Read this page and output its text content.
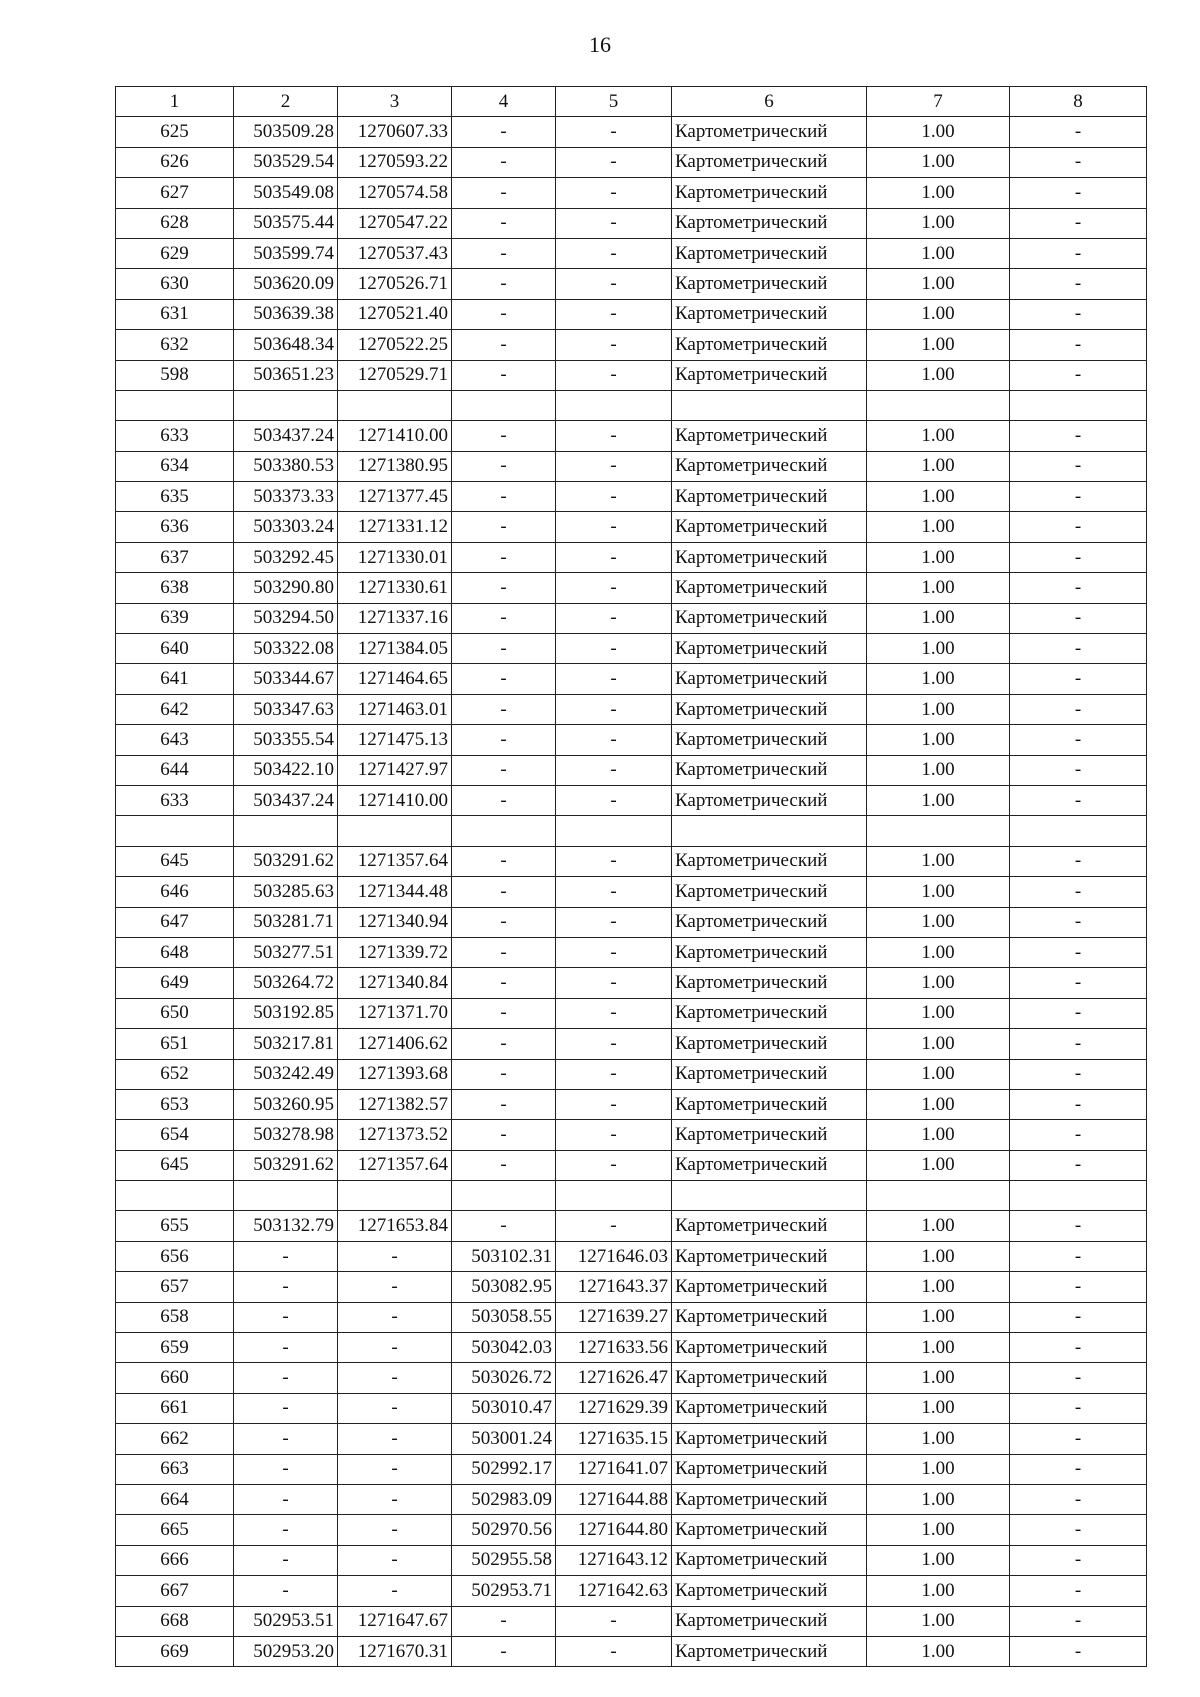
16
1	2	3	4	5	6	7	8
625	503509.28	1270607.33	-	-	Картометрический	1.00	-
626	503529.54	1270593.22	-	-	Картометрический	1.00	-
627	503549.08	1270574.58	-	-	Картометрический	1.00	-
628	503575.44	1270547.22	-	-	Картометрический	1.00	-
629	503599.74	1270537.43	-	-	Картометрический	1.00	-
630	503620.09	1270526.71	-	-	Картометрический	1.00	-
631	503639.38	1270521.40	-	-	Картометрический	1.00	-
632	503648.34	1270522.25	-	-	Картометрический	1.00	-
598	503651.23	1270529.71	-	-	Картометрический	1.00	-

633	503437.24	1271410.00	-	-	Картометрический	1.00	-
634	503380.53	1271380.95	-	-	Картометрический	1.00	-
635	503373.33	1271377.45	-	-	Картометрический	1.00	-
636	503303.24	1271331.12	-	-	Картометрический	1.00	-
637	503292.45	1271330.01	-	-	Картометрический	1.00	-
638	503290.80	1271330.61	-	-	Картометрический	1.00	-
639	503294.50	1271337.16	-	-	Картометрический	1.00	-
640	503322.08	1271384.05	-	-	Картометрический	1.00	-
641	503344.67	1271464.65	-	-	Картометрический	1.00	-
642	503347.63	1271463.01	-	-	Картометрический	1.00	-
643	503355.54	1271475.13	-	-	Картометрический	1.00	-
644	503422.10	1271427.97	-	-	Картометрический	1.00	-
633	503437.24	1271410.00	-	-	Картометрический	1.00	-

645	503291.62	1271357.64	-	-	Картометрический	1.00	-
646	503285.63	1271344.48	-	-	Картометрический	1.00	-
647	503281.71	1271340.94	-	-	Картометрический	1.00	-
648	503277.51	1271339.72	-	-	Картометрический	1.00	-
649	503264.72	1271340.84	-	-	Картометрический	1.00	-
650	503192.85	1271371.70	-	-	Картометрический	1.00	-
651	503217.81	1271406.62	-	-	Картометрический	1.00	-
652	503242.49	1271393.68	-	-	Картометрический	1.00	-
653	503260.95	1271382.57	-	-	Картометрический	1.00	-
654	503278.98	1271373.52	-	-	Картометрический	1.00	-
645	503291.62	1271357.64	-	-	Картометрический	1.00	-

655	503132.79	1271653.84	-	-	Картометрический	1.00	-
656	-	-	503102.31	1271646.03	Картометрический	1.00	-
657	-	-	503082.95	1271643.37	Картометрический	1.00	-
658	-	-	503058.55	1271639.27	Картометрический	1.00	-
659	-	-	503042.03	1271633.56	Картометрический	1.00	-
660	-	-	503026.72	1271626.47	Картометрический	1.00	-
661	-	-	503010.47	1271629.39	Картометрический	1.00	-
662	-	-	503001.24	1271635.15	Картометрический	1.00	-
663	-	-	502992.17	1271641.07	Картометрический	1.00	-
664	-	-	502983.09	1271644.88	Картометрический	1.00	-
665	-	-	502970.56	1271644.80	Картометрический	1.00	-
666	-	-	502955.58	1271643.12	Картометрический	1.00	-
667	-	-	502953.71	1271642.63	Картометрический	1.00	-
668	502953.51	1271647.67	-	-	Картометрический	1.00	-
669	502953.20	1271670.31	-	-	Картометрический	1.00	-
